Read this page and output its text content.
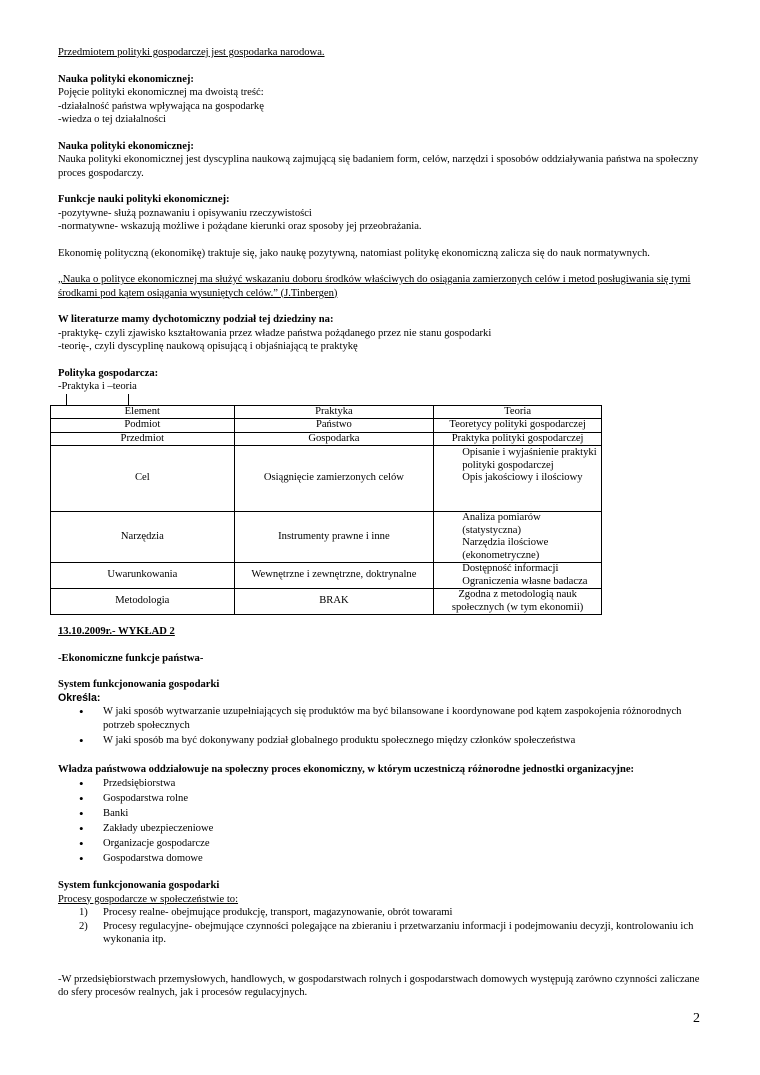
Przedmiotem polityki gospodarczej jest gospodarka narodowa.

Nauka polityki ekonomicznej:

Pojęcie polityki ekonomicznej ma dwoistą treść:

-działalność państwa wpływająca na gospodarkę

-wiedza o tej działalności

Nauka polityki ekonomicznej:

Nauka polityki ekonomicznej jest dyscyplina naukową zajmującą się badaniem form, celów, narzędzi i sposobów oddziaływania państwa na społeczny proces gospodarczy.

Funkcje nauki polityki ekonomicznej:

-pozytywne- służą poznawaniu i opisywaniu rzeczywistości

-normatywne- wskazują możliwe i pożądane kierunki oraz sposoby jej przeobrażania.

Ekonomię polityczną (ekonomikę) traktuje się, jako naukę pozytywną, natomiast politykę ekonomiczną zalicza się do nauk normatywnych.

„Nauka o polityce ekonomicznej ma służyć wskazaniu doboru środków właściwych do osiągania zamierzonych celów i metod posługiwania się tymi środkami pod kątem osiągania wysuniętych celów.” (J.Tinbergen)

W literaturze mamy dychotomiczny podział tej dziedziny na:

-praktykę- czyli zjawisko kształtowania przez władze państwa pożądanego przez nie stanu gospodarki

-teorię-, czyli dyscyplinę naukową opisującą i objaśniającą te praktykę

Polityka gospodarcza:

-Praktyka i –teoria

Element	Praktyka	Teoria
Podmiot	Państwo	Teoretycy polityki gospodarczej
Przedmiot	Gospodarka	Praktyka polityki gospodarczej
Cel	Osiągnięcie zamierzonych celów	Opisanie i wyjaśnienie praktyki polityki gospodarczej
Opis jakościowy i ilościowy

Narzędzia	Instrumenty prawne i inne	Analiza pomiarów (statystyczna)
Narzędzia ilościowe (ekonometryczne)

Uwarunkowania	Wewnętrzne i zewnętrzne, doktrynalne	Dostępność informacji
Ograniczenia własne badacza

Metodologia	BRAK	Zgodna z metodologią nauk społecznych (w tym ekonomii)

13.10.2009r.- WYKŁAD 2

-Ekonomiczne funkcje państwa-

System funkcjonowania gospodarki

Określa:

• W jaki sposób wytwarzanie uzupełniających się produktów ma być bilansowane i koordynowane pod kątem zaspokojenia różnorodnych potrzeb społecznych
• W jaki sposób ma być dokonywany podział globalnego produktu społecznego między członków społeczeństwa

Władza państwowa oddziałowuje na społeczny proces ekonomiczny, w którym uczestniczą różnorodne jednostki organizacyjne:

• Przedsiębiorstwa
• Gospodarstwa rolne
• Banki
• Zakłady ubezpieczeniowe
• Organizacje gospodarcze
• Gospodarstwa domowe

System funkcjonowania gospodarki

Procesy gospodarcze w społeczeństwie to:

1) Procesy realne- obejmujące produkcję, transport, magazynowanie, obrót towarami
2) Procesy regulacyjne- obejmujące czynności polegające na zbieraniu i przetwarzaniu informacji i podejmowaniu decyzji, kontrolowaniu ich wykonania itp.

-W przedsiębiorstwach przemysłowych, handlowych, w gospodarstwach rolnych i gospodarstwach domowych występują zarówno czynności zaliczane do sfery procesów realnych, jak i procesów regulacyjnych.

2
